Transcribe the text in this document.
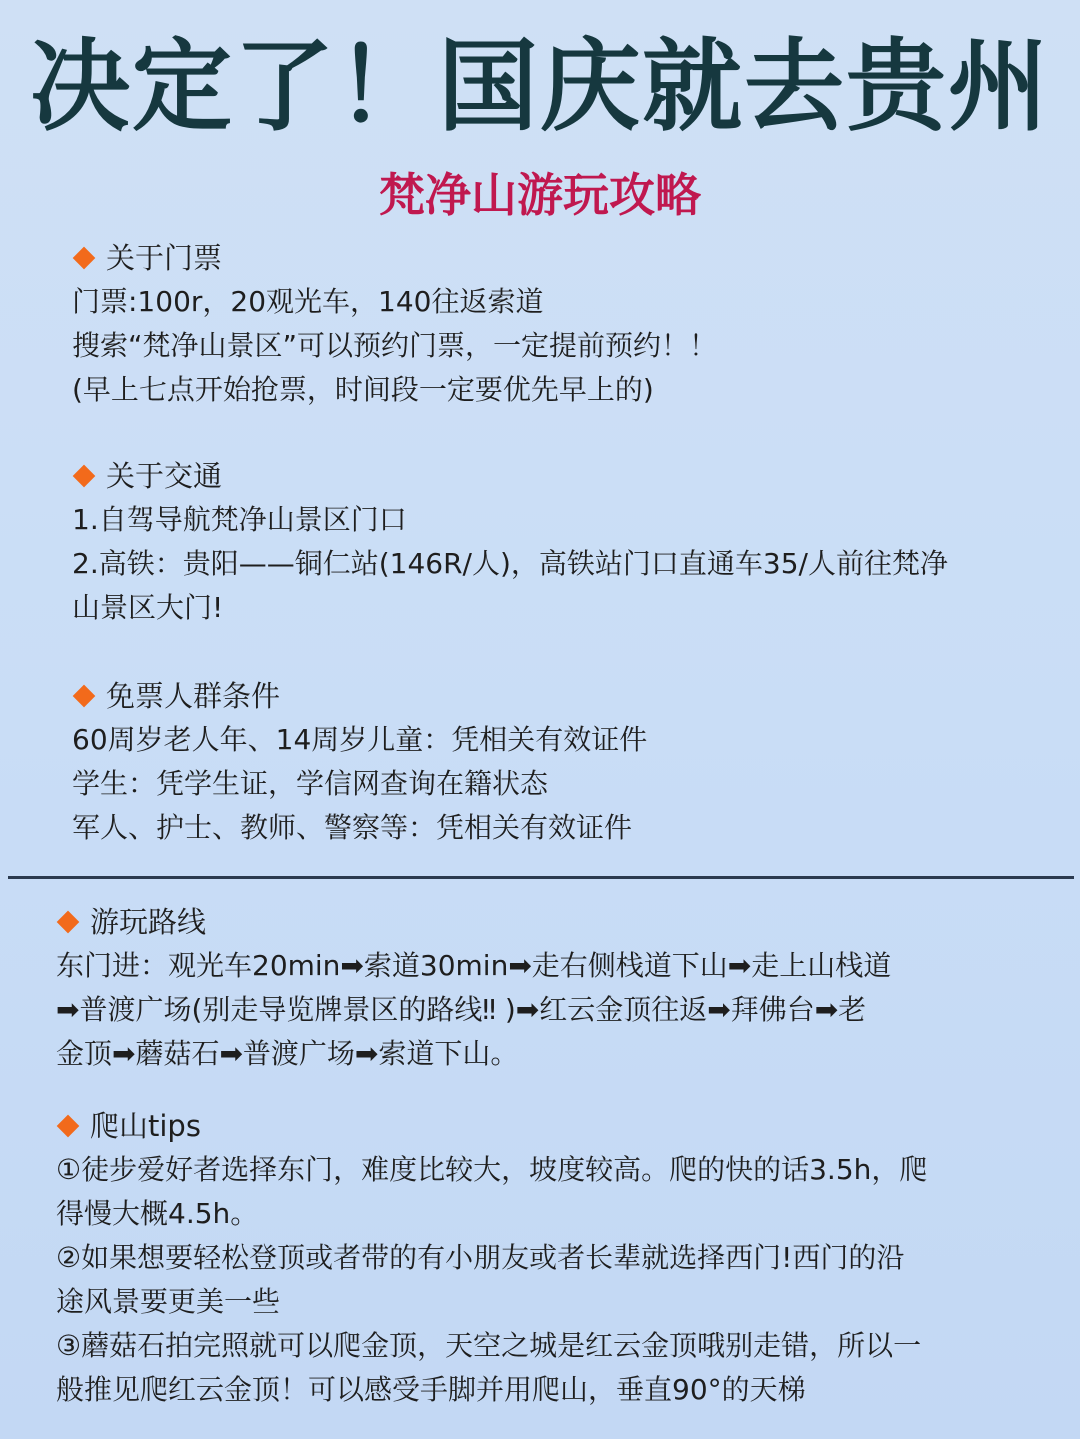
决定了！国庆就去贵州
梵净山游玩攻略
关于门票
门票:100r，20观光车，140往返索道
搜索“梵净山景区”可以预约门票，一定提前预约！！
(早上七点开始抢票，时间段一定要优先早上的)
关于交通
1.自驾导航梵净山景区门口
2.高铁：贵阳——铜仁站(146R/人)，高铁站门口直通车35/人前往梵净
山景区大门!
免票人群条件
60周岁老人年、14周岁儿童：凭相关有效证件
学生：凭学生证，学信网查询在籍状态
军人、护士、教师、警察等：凭相关有效证件
游玩路线
东门进：观光车20min➡索道30min➡走右侧栈道下山➡走上山栈道
➡普渡广场(别走导览牌景区的路线‼ )➡红云金顶往返➡拜佛台➡老
金顶➡蘑菇石➡普渡广场➡索道下山。
爬山tips
①徒步爱好者选择东门，难度比较大，坡度较高。爬的快的话3.5h，爬
得慢大概4.5h。
②如果想要轻松登顶或者带的有小朋友或者长辈就选择西门!西门的沿
途风景要更美一些
③蘑菇石拍完照就可以爬金顶，天空之城是红云金顶哦别走错，所以一
般推见爬红云金顶！可以感受手脚并用爬山，垂直90°的天梯
